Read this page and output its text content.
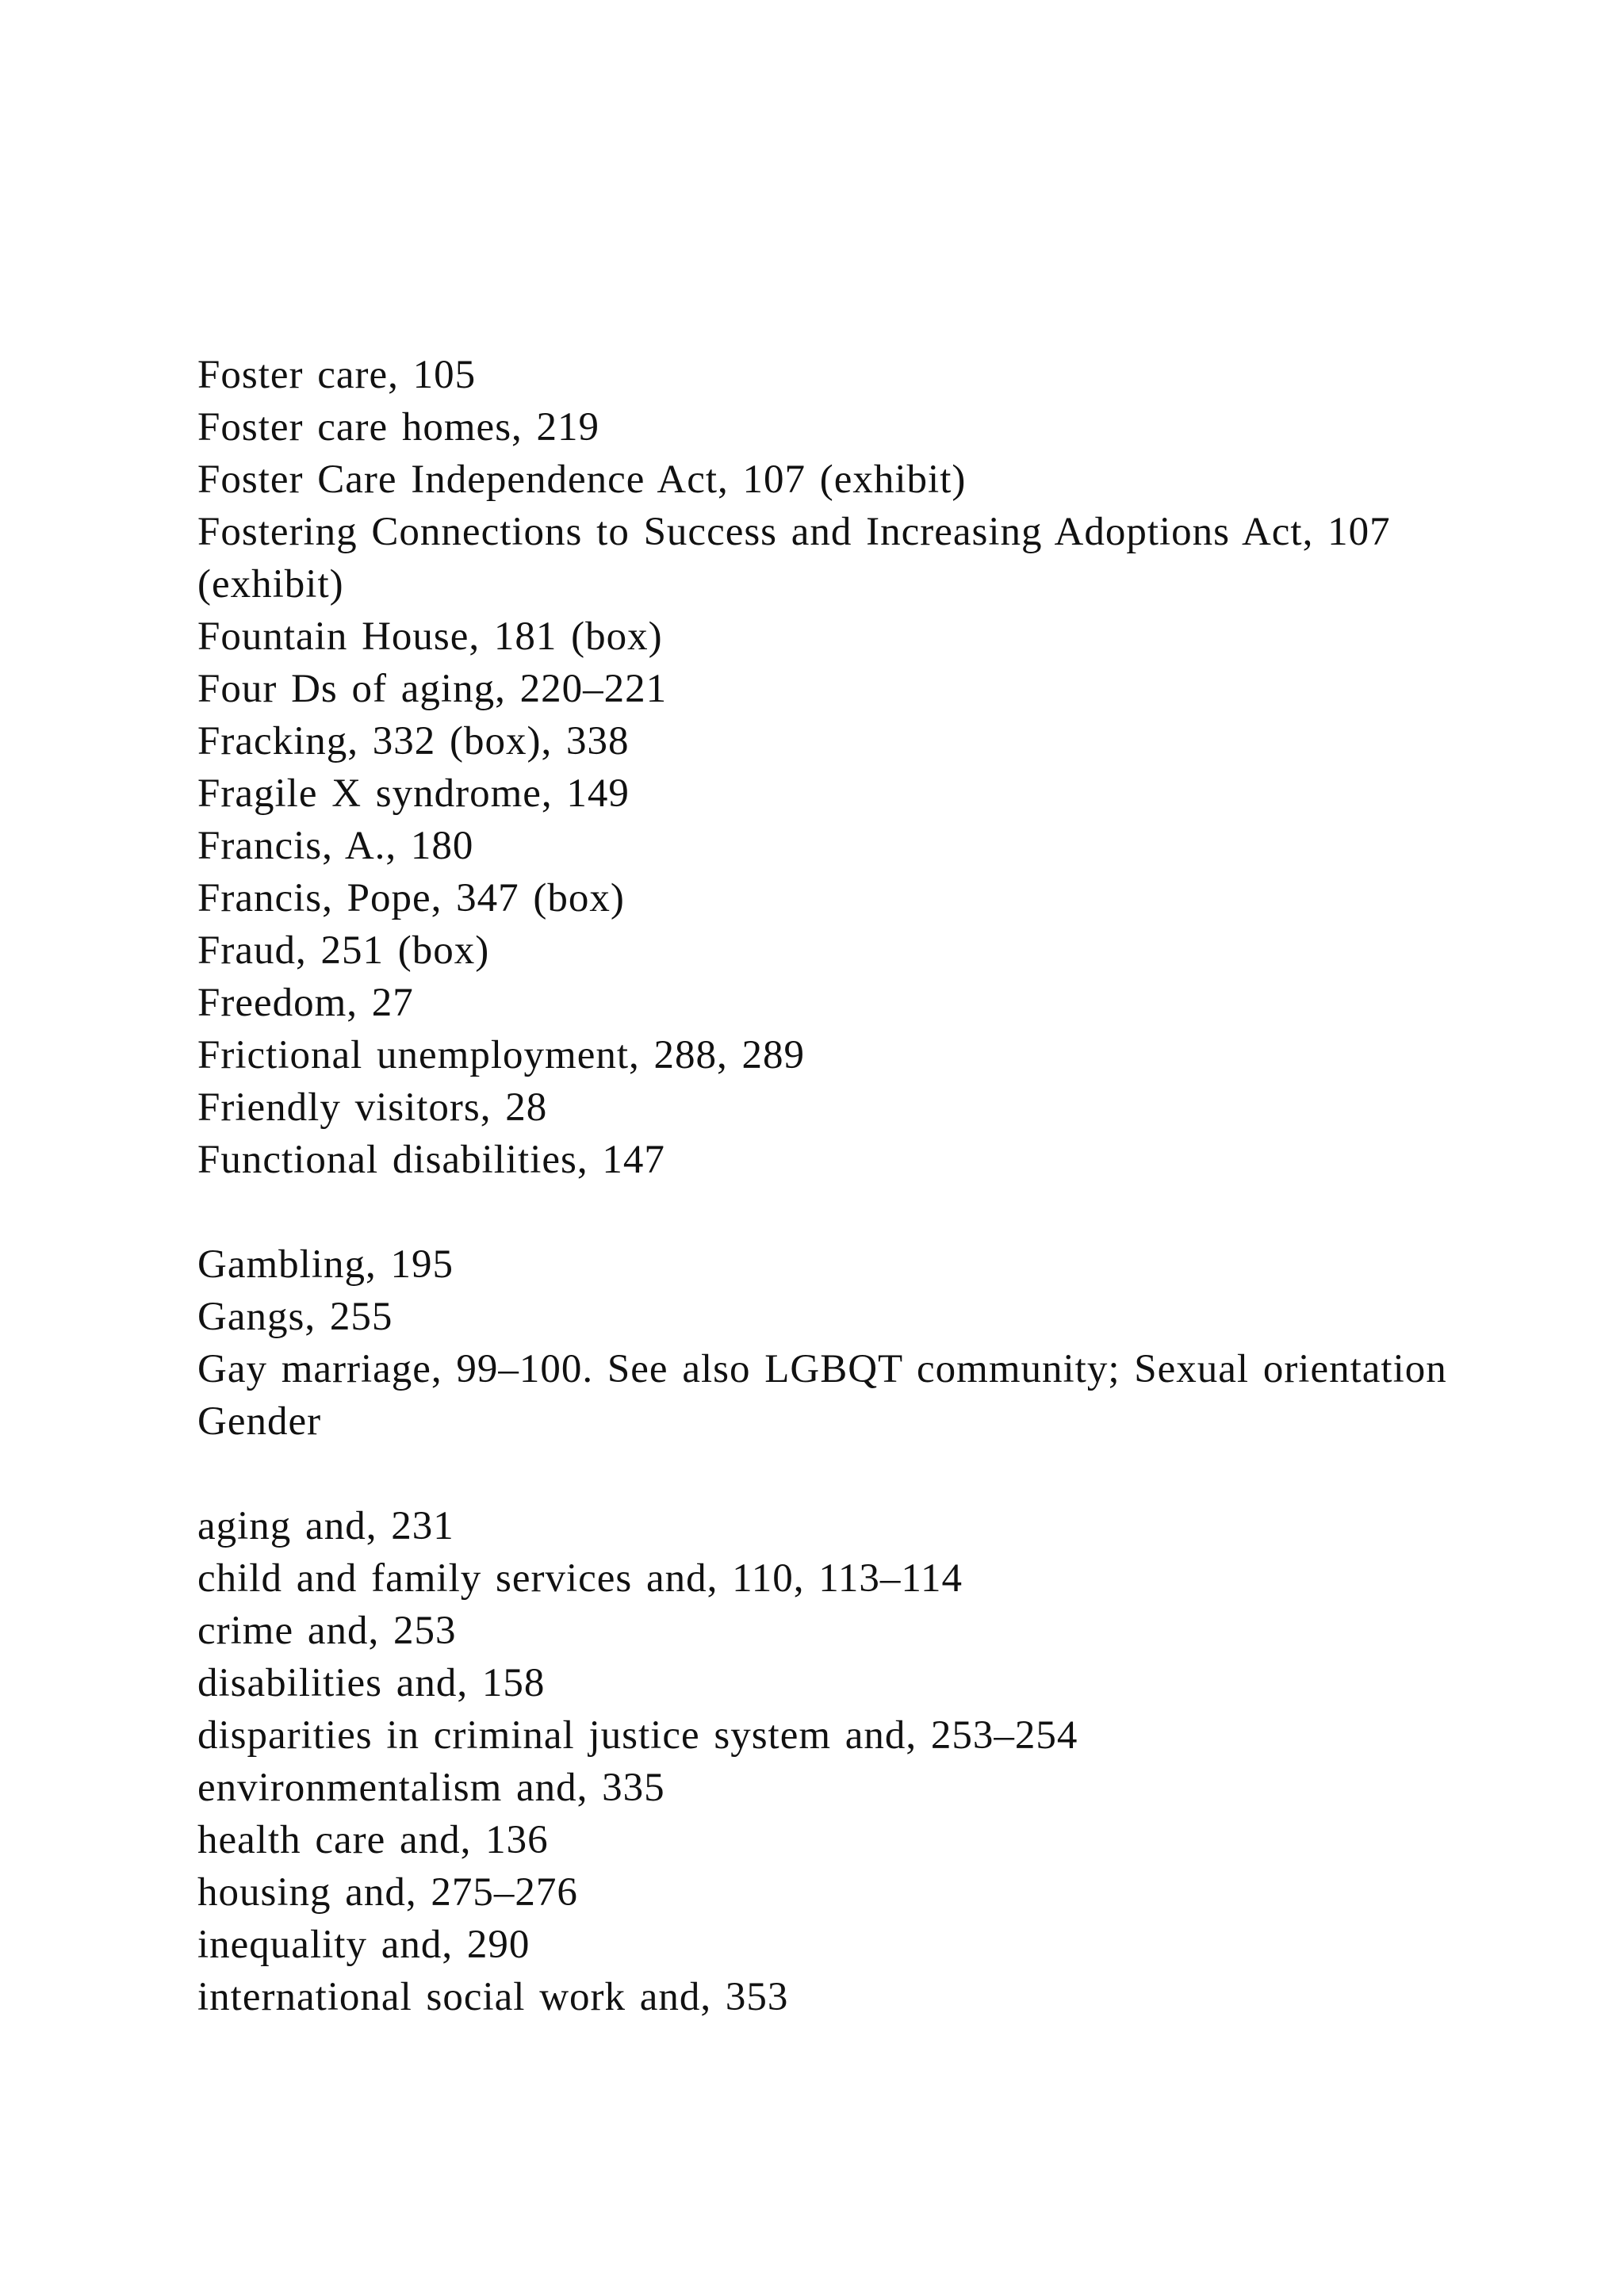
Foster care, 105
Foster care homes, 219
Foster Care Independence Act, 107 (exhibit)
Fostering Connections to Success and Increasing Adoptions Act, 107 (exhibit)
Fountain House, 181 (box)
Four Ds of aging, 220–221
Fracking, 332 (box), 338
Fragile X syndrome, 149
Francis, A., 180
Francis, Pope, 347 (box)
Fraud, 251 (box)
Freedom, 27
Frictional unemployment, 288, 289
Friendly visitors, 28
Functional disabilities, 147
Gambling, 195
Gangs, 255
Gay marriage, 99–100. See also LGBQT community; Sexual orientation
Gender
aging and, 231
child and family services and, 110, 113–114
crime and, 253
disabilities and, 158
disparities in criminal justice system and, 253–254
environmentalism and, 335
health care and, 136
housing and, 275–276
inequality and, 290
international social work and, 353
